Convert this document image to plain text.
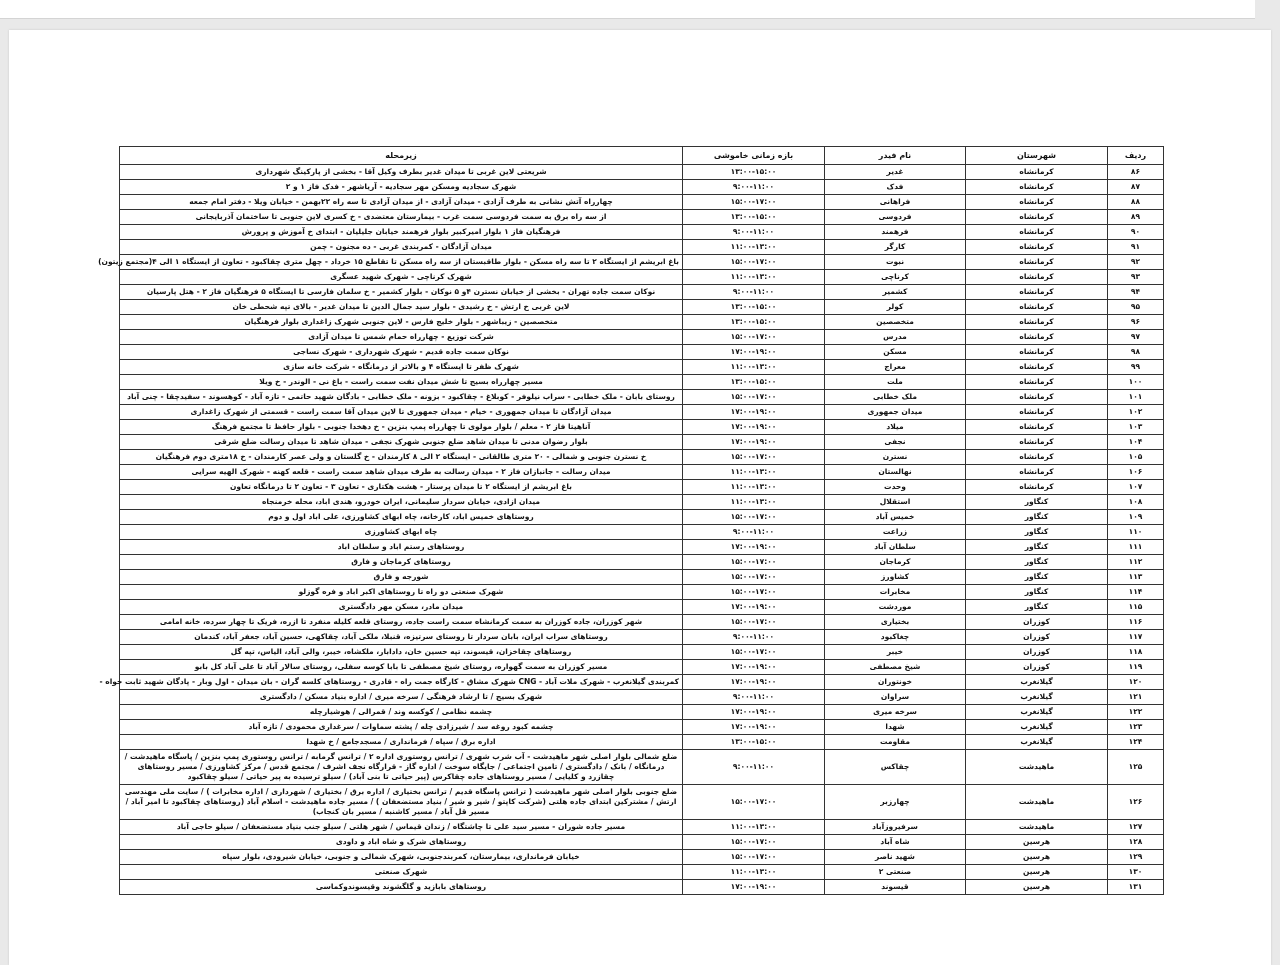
ردیف	شهرستان	نام فیدر	بازه زمانی خاموشی	زیرمحله
۸۶	کرمانشاه	غدیر	۱۳:۰۰-۱۵:۰۰	شریعتی لاین غربی تا میدان غدیر بطرف وکیل آقا - بخشی از پارکینگ شهرداری
۸۷	کرمانشاه	فدک	۹:۰۰-۱۱:۰۰	شهرک سجادیه ومسکن مهر سجادیه - آریاشهر - فدک فاز ۱ و ۲
۸۸	کرمانشاه	فراهانی	۱۵:۰۰-۱۷:۰۰	چهارراه آتش نشانی به طرف آزادی - میدان آزادی - از میدان آزادی تا سه راه ۲۲بهمن - خیابان ویلا - دفتر امام جمعه
۸۹	کرمانشاه	فردوسی	۱۳:۰۰-۱۵:۰۰	از سه راه برق به سمت فردوسی سمت غرب - بیمارستان معتضدی - خ کسری لاین جنوبی تا ساختمان آذربایجانی
۹۰	کرمانشاه	فرهمند	۹:۰۰-۱۱:۰۰	فرهنگیان فاز ۱ بلوار امیرکبیر بلوار فرهمند خیابان جلیلیان - ابتدای خ آموزش و پرورش
۹۱	کرمانشاه	کارگر	۱۱:۰۰-۱۳:۰۰	میدان آزادگان - کمربندی غربی - ده مجنون - چمن
۹۲	کرمانشاه	نبوت	۱۵:۰۰-۱۷:۰۰	باغ ابریشم از ایستگاه ۲ تا سه راه مسکن - بلوار طاقبستان از سه راه مسکن تا تقاطع ۱۵ خرداد - چهل متری چقاکبود - تعاون از ایستگاه ۱ الی ۴(مجتمع زیتون)
۹۳	کرمانشاه	کرناچی	۱۱:۰۰-۱۳:۰۰	شهرک کرناچی - شهرک شهید عسگری
۹۴	کرمانشاه	کشمیر	۹:۰۰-۱۱:۰۰	نوکان سمت جاده تهران - بخشی از خیابان نسترن ۴و ۵ نوکان - بلوار کشمیر - خ سلمان فارسی تا ایستگاه ۵ فرهنگیان فاز ۲ - هتل پارسیان
۹۵	کرمانشاه	کولر	۱۳:۰۰-۱۵:۰۰	لاین غربی خ ارتش - خ رشیدی - بلوار سید جمال الدین تا میدان غدیر - بالای تپه شحطی خان
۹۶	کرمانشاه	متخصصین	۱۳:۰۰-۱۵:۰۰	متخصصین - زیباشهر - بلوار خلیج فارس - لاین جنوبی شهرک زاغداری بلوار فرهنگیان
۹۷	کرمانشاه	مدرس	۱۵:۰۰-۱۷:۰۰	شرکت توزیع - چهارراه حمام شمس تا میدان آزادی
۹۸	کرمانشاه	مسکن	۱۷:۰۰-۱۹:۰۰	نوکان سمت جاده قدیم - شهرک شهرداری - شهرک نساجی
۹۹	کرمانشاه	معراج	۱۱:۰۰-۱۳:۰۰	شهرک ظفر تا ایستگاه ۴ و بالاتر از درمانگاه - شرکت خانه سازی
۱۰۰	کرمانشاه	ملت	۱۳:۰۰-۱۵:۰۰	مسیر چهارراه بسیج تا شش میدان نفت سمت راست - باغ نی - الوندر - خ ویلا
۱۰۱	کرمانشاه	ملک خطابی	۱۵:۰۰-۱۷:۰۰	روستای بابان - ملک خطابی - سراب نیلوفر - کوبلاغ - چقاکبود - بزونه - ملک خطابی - بادگان شهید حاتمی - تازه آباد - کوهسوند - سفیدچقا - چنی آباد
۱۰۲	کرمانشاه	میدان جمهوری	۱۷:۰۰-۱۹:۰۰	میدان آزادگان تا میدان جمهوری - خیام - میدان جمهوری تا لاین میدان آقا سمت راست - قسمتی از شهرک زاغداری
۱۰۳	کرمانشاه	میلاد	۱۷:۰۰-۱۹:۰۰	آناهیتا فاز ۲ - معلم / بلوار مولوی تا چهارراه پمپ بنزین - خ دهخدا جنوبی - بلوار حافظ تا مجتمع فرهنگ
۱۰۴	کرمانشاه	نجفی	۱۷:۰۰-۱۹:۰۰	بلوار رضوان مدنی تا میدان شاهد ضلع جنوبی شهرک نجفی - میدان شاهد تا میدان رسالت ضلع شرقی
۱۰۵	کرمانشاه	نسترن	۱۵:۰۰-۱۷:۰۰	خ نسترن جنوبی و شمالی - ۲۰ متری طالقانی - ایستگاه ۲ الی ۸ کارمندان - خ گلستان و ولی عصر کارمندان - خ ۱۸متری دوم فرهنگیان
۱۰۶	کرمانشاه	نهالستان	۱۱:۰۰-۱۳:۰۰	میدان رسالت - جانبازان فاز ۲ - میدان رسالت به طرف میدان شاهد سمت راست - قلعه کهنه - شهرک الهیه سرایی
۱۰۷	کرمانشاه	وحدت	۱۱:۰۰-۱۳:۰۰	باغ ابریشم از ایستگاه ۲ تا میدان پرستار - هشت هکتاری - تعاون ۳ - تعاون ۲ تا درمانگاه تعاون
۱۰۸	کنگاور	استقلال	۱۱:۰۰-۱۳:۰۰	میدان ازادی، خیابان سردار سلیمانی، ایران خودرو، هندی اباد، محله خرمنجاه
۱۰۹	کنگاور	خمیس آباد	۱۵:۰۰-۱۷:۰۰	روستاهای خمیس اباد، کارخانه، چاه ابهای کشاورزی، علی اباد اول و دوم
۱۱۰	کنگاور	زراعت	۹:۰۰-۱۱:۰۰	چاه ابهای کشاورزی
۱۱۱	کنگاور	سلطان آباد	۱۷:۰۰-۱۹:۰۰	روستاهای رستم اباد و سلطان اباد
۱۱۲	کنگاور	کرماجان	۱۵:۰۰-۱۷:۰۰	روستاهای کرماجان و فارق
۱۱۳	کنگاور	کشاورز	۱۵:۰۰-۱۷:۰۰	شورجه و فارق
۱۱۴	کنگاور	مخابرات	۱۵:۰۰-۱۷:۰۰	شهرک صنعتی دو راه تا روستاهای اکبر اباد و فره گوزلو
۱۱۵	کنگاور	موردشت	۱۷:۰۰-۱۹:۰۰	میدان مادر، مسکن مهر دادگستری
۱۱۶	کوزران	بختیاری	۱۵:۰۰-۱۷:۰۰	شهر کوزران، جاده کوزران به سمت کرمانشاه سمت راست جاده، روستای قلعه کلیله منفرد تا ازره، فریک تا چهار سرده، خانه امامی
۱۱۷	کوزران	چغاکبود	۹:۰۰-۱۱:۰۰	روستاهای سراب ایران، بابان سردار تا روستای سرتیزه، قنبلا، ملکی آباد، چقاکهی، حسین آباد، جعفر آباد، کندمان
۱۱۸	کوزران	خیبر	۱۵:۰۰-۱۷:۰۰	روستاهای چقاخزان، قیسوند، تپه حسین خان، دادابار، ملکشاه، خیبر، والی آباد، الیاس، تپه گل
۱۱۹	کوزران	شیخ مصطفی	۱۷:۰۰-۱۹:۰۰	مسیر کوزران به سمت گهواره، روستای شیخ مصطفی تا بابا کوسه سفلی، روستای سالار آباد تا علی آباد کل بابو
۱۲۰	گیلانغرب	خونتوران	۱۷:۰۰-۱۹:۰۰	کمربندی گیلانغرب - شهرک ملات آباد - CNG شهرک مشاق - کارگاه جمت راه - قادری - روستاهای کلسه گران - بان میدان - اول وبار - پادگان شهید ثابت خواه -
۱۲۱	گیلانغرب	سراوان	۹:۰۰-۱۱:۰۰	شهرک بسیج / تا ارشاد فرهنگی / سرخه میری / اداره بنیاد مسکن / دادگستری
۱۲۲	گیلانغرب	سرخه میری	۱۷:۰۰-۱۹:۰۰	چشمه نظامی / کوکسه وند / قمرالی / هوشیارچله
۱۲۳	گیلانغرب	شهدا	۱۷:۰۰-۱۹:۰۰	چشمه کبود روغه سد / شیرزادی چله / پشته سماوات / سرغداری محمودی / تازه آباد
۱۲۴	گیلانغرب	مقاومت	۱۳:۰۰-۱۵:۰۰	اداره برق / سپاه / فرمانداری / مسجدجامع / خ شهدا
۱۲۵	ماهیدشت	چقاکس	۹:۰۰-۱۱:۰۰	ضلع شمالی بلوار اصلی شهر ماهیدشت - آب شرب شهری / ترانس روستوری اداره ۲ / ترانس گرمابه / ترانس روستوری پمپ بنزین / پاسگاه ماهیدشت / درمانگاه / بانک / دادگستری / تامین اجتماعی / جایگاه سوخت / اداره گاز - قرارگاه نجف اشرف / مجتمع قدس / مرکز کشاورزی / مسیر روستاهای چقازرد و کلیایی / مسیر روستاهای جاده چقاکرس (پیر حیاتی تا بنی آباد) / سیلو ترسیده به پیر حیاتی / سیلو چقاکبود
۱۲۶	ماهیدشت	چهارزبر	۱۵:۰۰-۱۷:۰۰	ضلع جنوبی بلوار اصلی شهر ماهیدشت ( ترانس پاسگاه قدیم / ترانس بختیاری / اداره برق / بختیاری / شهرداری / اداره مخابرات ) / سایت ملی مهندسی ارتش / مشترکین ابتدای جاده هلتی (شرکت کاپتو / شیر و شیر / بنیاد مستضعفان ) / مسیر جاده ماهیدشت - اسلام آباد (روستاهای چقاکبود تا امیر آباد / مسیر قل آباد / مسیر کاشنبه / مسیر بان کنجاب)
۱۲۷	ماهیدشت	سرفیروزآباد	۱۱:۰۰-۱۳:۰۰	مسیر جاده شوران - مسیر سید علی تا چاشتگاه / زندان قیماس / شهر هلتی / سیلو جنب بنیاد مستضعفان / سیلو حاجی آباد
۱۲۸	هرسین	شاه آباد	۱۵:۰۰-۱۷:۰۰	روستاهای شرک و شاه اباد و داودی
۱۲۹	هرسین	شهید ناصر	۱۵:۰۰-۱۷:۰۰	خیابان فرمانداری، بیمارستان، کمربندجنوبی، شهرک شمالی و جنوبی، خیابان شیرودی، بلوار سپاه
۱۳۰	هرسین	صنعتی ۲	۱۱:۰۰-۱۳:۰۰	شهرک صنعتی
۱۳۱	هرسین	قیسوند	۱۷:۰۰-۱۹:۰۰	روستاهای بابازید و گلگشوند وقیسوندوکماسی
